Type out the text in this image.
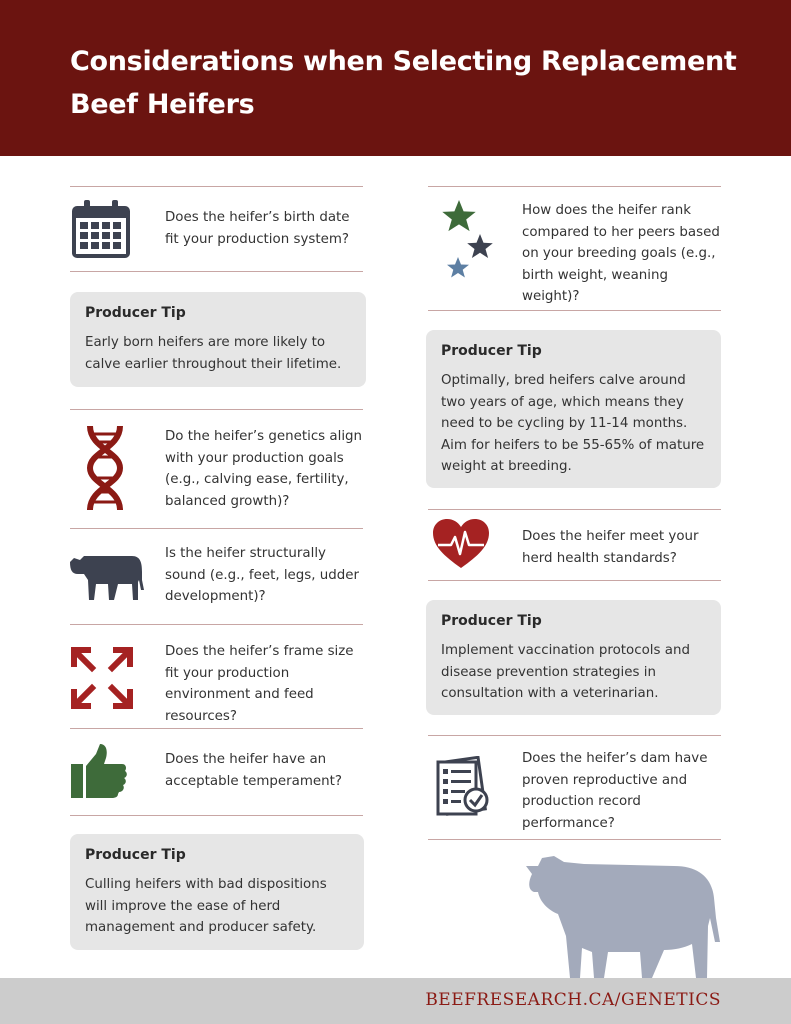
Considerations when Selecting Replacement Beef Heifers

Does the heifer’s birth date fit your production system?

Producer Tip

Early born heifers are more likely to calve earlier throughout their lifetime.

Do the heifer’s genetics align with your production goals (e.g., calving ease, fertility, balanced growth)?

Is the heifer structurally sound (e.g., feet, legs, udder development)?

Does the heifer’s frame size fit your production environment and feed resources?

Does the heifer have an acceptable temperament?

Producer Tip

Culling heifers with bad dispositions will improve the ease of herd management and producer safety.

How does the heifer rank compared to her peers based on your breeding goals (e.g., birth weight, weaning weight)?

Producer Tip

Optimally, bred heifers calve around two years of age, which means they need to be cycling by 11-14 months. Aim for heifers to be 55-65% of mature weight at breeding.

Does the heifer meet your herd health standards?

Producer Tip

Implement vaccination protocols and disease prevention strategies in consultation with a veterinarian.

Does the heifer’s dam have proven reproductive and production record performance?

BEEFRESEARCH.CA/GENETICS
